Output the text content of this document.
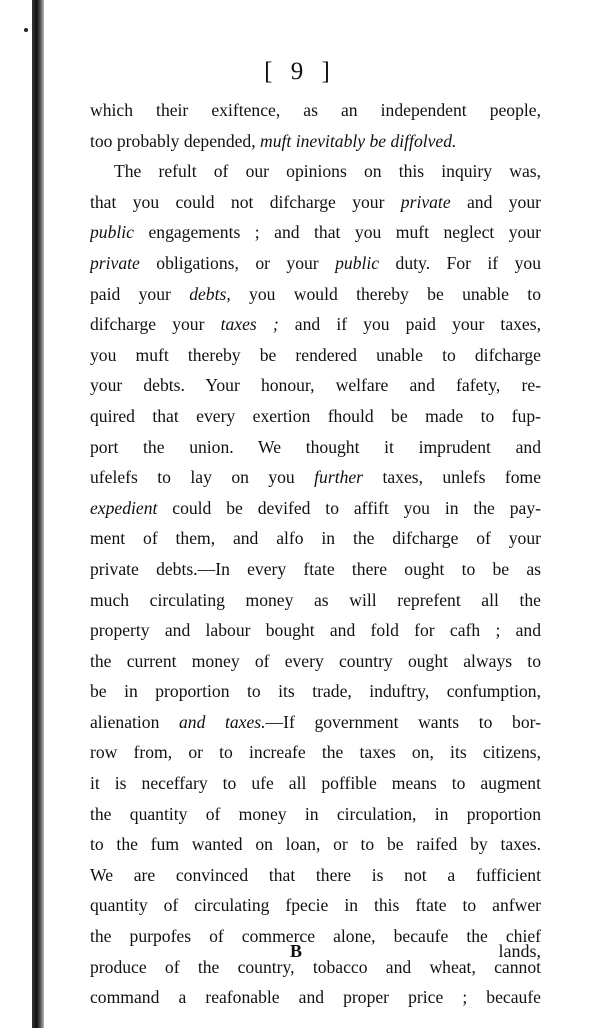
[ 9 ]
which their exiftence, as an independent people,
too probably depended, muft inevitably be diffolved.
The refult of our opinions on this inquiry was,
that you could not difcharge your private and your
public engagements ; and that you muft neglect your
private obligations, or your public duty. For if you
paid your debts, you would thereby be unable to
difcharge your taxes ; and if you paid your taxes,
you muft thereby be rendered unable to difcharge
your debts. Your honour, welfare and fafety, re-
quired that every exertion fhould be made to fup-
port the union. We thought it imprudent and
ufelefs to lay on you further taxes, unlefs fome
expedient could be devifed to affift you in the pay-
ment of them, and alfo in the difcharge of your
private debts.—In every ftate there ought to be as
much circulating money as will reprefent all the
property and labour bought and fold for cafh ; and
the current money of every country ought always to
be in proportion to its trade, induftry, confumption,
alienation and taxes.—If government wants to bor-
row from, or to increafe the taxes on, its citizens,
it is neceffary to ufe all poffible means to augment
the quantity of money in circulation, in proportion
to the fum wanted on loan, or to be raifed by taxes.
We are convinced that there is not a fufficient
quantity of circulating fpecie in this ftate to anfwer
the purpofes of commerce alone, becaufe the chief
produce of the country, tobacco and wheat, cannot
command a reafonable and proper price ; becaufe
B	lands,
